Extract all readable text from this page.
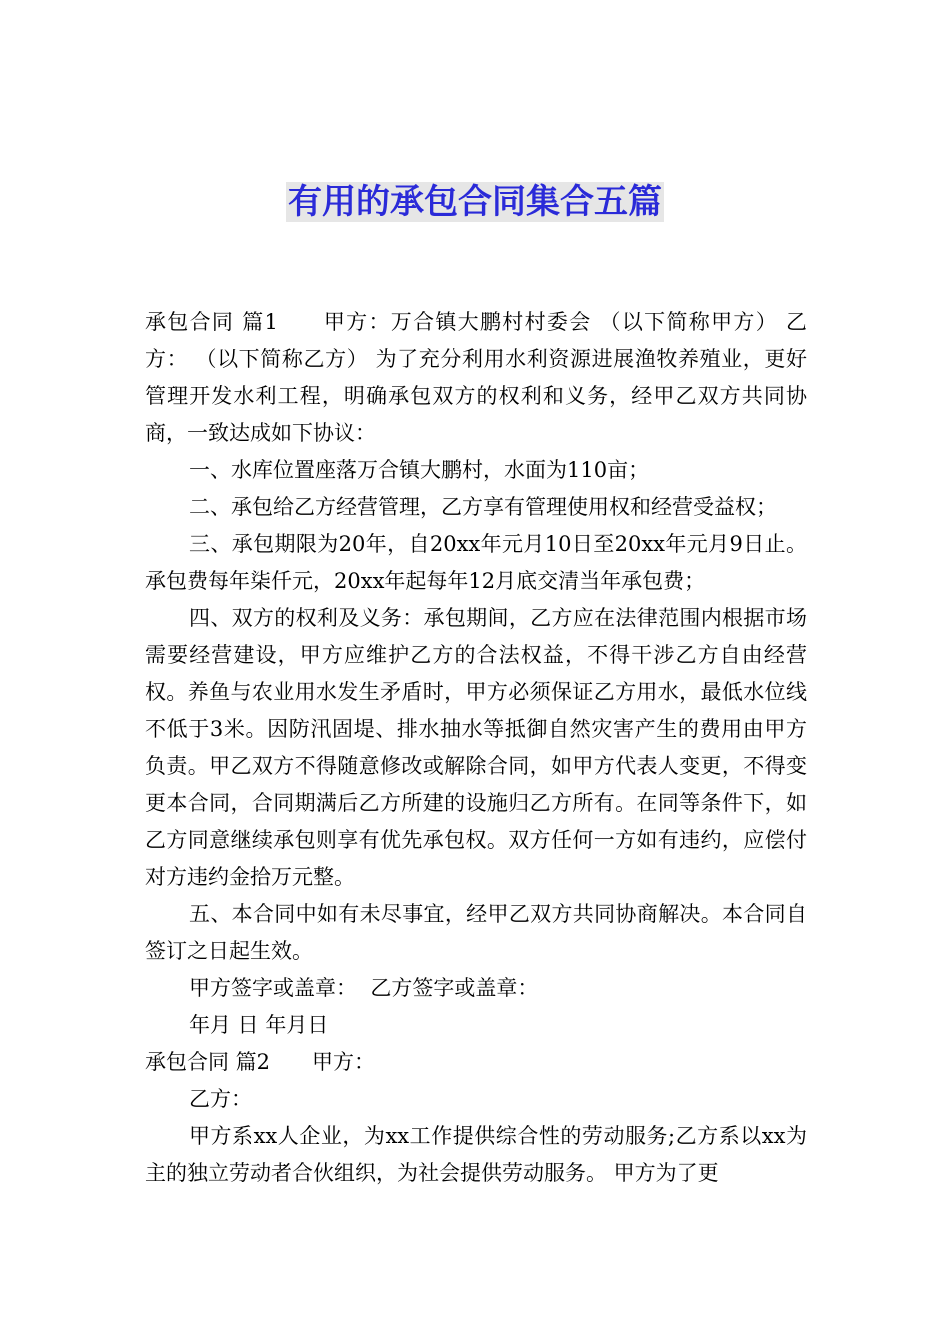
有用的承包合同集合五篇

承包合同 篇1　　甲方：万合镇大鹏村村委会 （以下简称甲方） 乙方： （以下简称乙方） 为了充分利用水利资源进展渔牧养殖业，更好管理开发水利工程，明确承包双方的权利和义务，经甲乙双方共同协商，一致达成如下协议：

一、水库位置座落万合镇大鹏村，水面为110亩；

二、承包给乙方经营管理，乙方享有管理使用权和经营受益权；

三、承包期限为20年，自20xx年元月10日至20xx年元月9日止。承包费每年柒仟元，20xx年起每年12月底交清当年承包费；

四、双方的权利及义务：承包期间，乙方应在法律范围内根据市场需要经营建设，甲方应维护乙方的合法权益，不得干涉乙方自由经营权。养鱼与农业用水发生矛盾时，甲方必须保证乙方用水，最低水位线不低于3米。因防汛固堤、排水抽水等抵御自然灾害产生的费用由甲方负责。甲乙双方不得随意修改或解除合同，如甲方代表人变更，不得变更本合同，合同期满后乙方所建的设施归乙方所有。在同等条件下，如乙方同意继续承包则享有优先承包权。双方任何一方如有违约，应偿付对方违约金拾万元整。

五、本合同中如有未尽事宜，经甲乙双方共同协商解决。本合同自签订之日起生效。

甲方签字或盖章：  乙方签字或盖章：

年月 日 年月日

承包合同 篇2　　甲方：

乙方：

甲方系xx人企业，为xx工作提供综合性的劳动服务;乙方系以xx为主的独立劳动者合伙组织，为社会提供劳动服务。 甲方为了更
